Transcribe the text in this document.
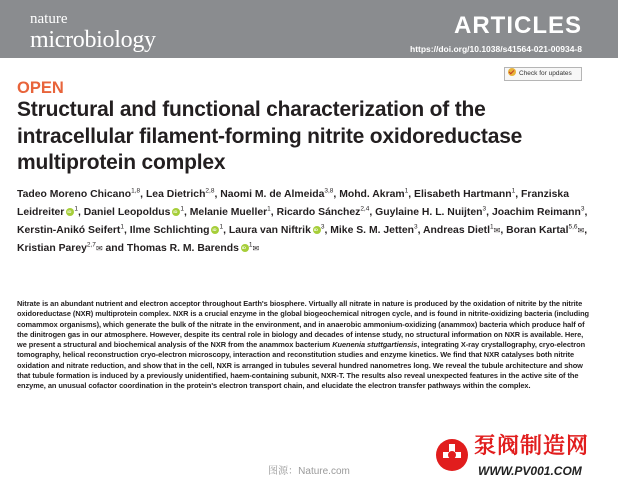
nature
microbiology
ARTICLES
https://doi.org/10.1038/s41564-021-00934-8
Check for updates
OPEN
Structural and functional characterization of the intracellular filament-forming nitrite oxidoreductase multiprotein complex
Tadeo Moreno Chicano$^{1,8}$, Lea Dietrich$^{2,8}$, Naomi M. de Almeida$^{3,8}$, Mohd. Akram$^1$, Elisabeth Hartmann$^1$, Franziska Leidreiter iD $^1$, Daniel Leopoldus iD $^1$, Melanie Mueller$^1$, Ricardo Sánchez$^{2,4}$, Guylaine H. L. Nuijten$^3$, Joachim Reimann$^3$, Kerstin-Anikó Seifert$^1$, Ilme Schlichting iD $^1$, Laura van Niftrik iD $^3$, Mike S. M. Jetten$^3$, Andreas Dietl$^1$✉, Boran Kartal$^{5,6}$✉, Kristian Parey$^{2,7}$✉ and Thomas R. M. Barends iD $^1$✉

Nitrate is an abundant nutrient and electron acceptor throughout Earth's biosphere. Virtually all nitrate in nature is produced by the oxidation of nitrite by the nitrite oxidoreductase (NXR) multiprotein complex. NXR is a crucial enzyme in the global biogeochemical nitrogen cycle, and is found in nitrite-oxidizing bacteria (including comammox organisms), which generate the bulk of the nitrate in the environment, and in anaerobic ammonium-oxidizing (anammox) bacteria which produce half of the dinitrogen gas in our atmosphere. However, despite its central role in biology and decades of intense study, no structural information on NXR is available. Here, we present a structural and biochemical analysis of the NXR from the anammox bacterium Kuenenia stuttgartiensis, integrating X-ray crystallography, cryo-electron tomography, helical reconstruction cryo-electron microscopy, interaction and reconstitution studies and enzyme kinetics. We find that NXR catalyses both nitrite oxidation and nitrate reduction, and show that in the cell, NXR is arranged in tubules several hundred nanometres long. We reveal the tubule architecture and show that tubule formation is induced by a previously unidentified, haem-containing subunit, NXR-T. The results also reveal unexpected features in the active site of the enzyme, an unusual cofactor coordination in the protein's electron transport chain, and elucidate the electron transfer pathways within the complex.

图源：Nature.com
泵阀制造网
WWW.PV001.COM
